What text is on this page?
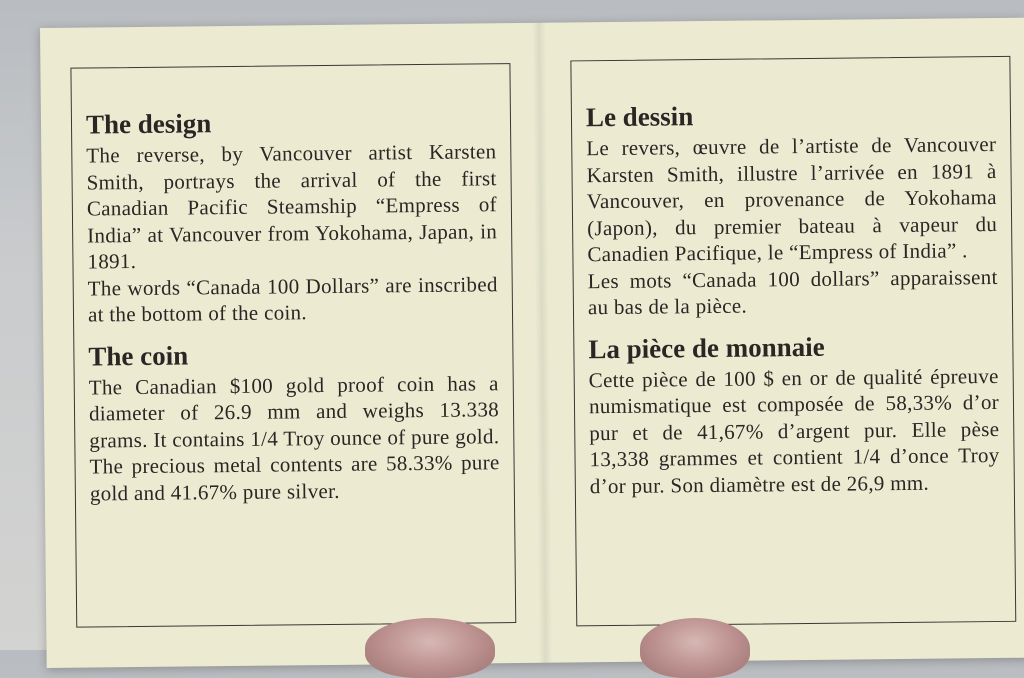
The design

The reverse, by Vancouver artist Karsten Smith, portrays the arrival of the first Canadian Pacific Steamship “Empress of India” at Vancouver from Yokohama, Japan, in 1891.

The words “Canada 100 Dollars” are inscribed at the bottom of the coin.

The coin

The Canadian $100 gold proof coin has a diameter of 26.9 mm and weighs 13.338 grams. It contains 1/4 Troy ounce of pure gold. The precious metal contents are 58.33% pure gold and 41.67% pure silver.

Le dessin

Le revers, œuvre de l’artiste de Vancouver Karsten Smith, illustre l’arrivée en 1891 à Vancouver, en provenance de Yokohama (Japon), du premier bateau à vapeur du Canadien Pacifique, le “Empress of India” .

Les mots “Canada 100 dollars” apparaissent au bas de la pièce.

La pièce de monnaie

Cette pièce de 100 $ en or de qualité épreuve numismatique est composée de 58,33% d’or pur et de 41,67% d’argent pur. Elle pèse 13,338 grammes et contient 1/4 d’once Troy d’or pur. Son diamètre est de 26,9 mm.
